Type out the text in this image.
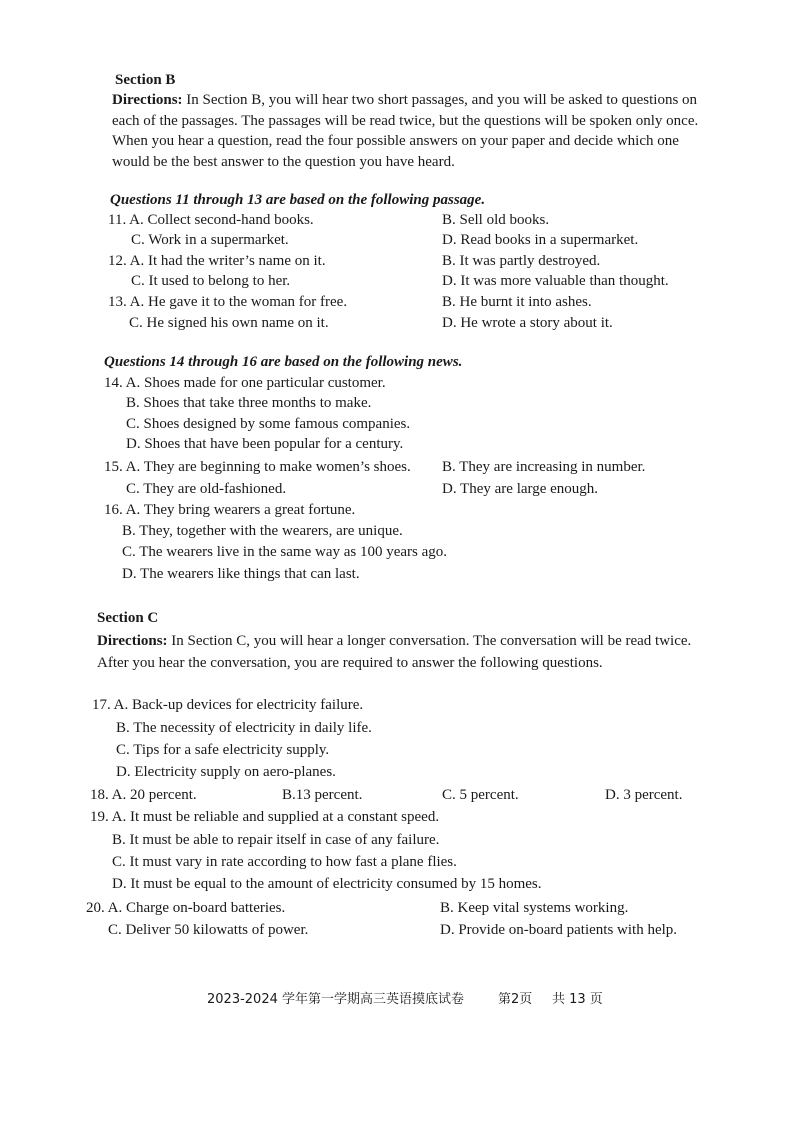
Section B
Directions: In Section B, you will hear two short passages, and you will be asked to questions on
each of the passages. The passages will be read twice, but the questions will be spoken only once.
When you hear a question, read the four possible answers on your paper and decide which one
would be the best answer to the question you have heard.
Questions 11 through 13 are based on the following passage.
11. A. Collect second-hand books.	B. Sell old books.
C. Work in a supermarket.	D. Read books in a supermarket.
12. A. It had the writer’s name on it.	B. It was partly destroyed.
C. It used to belong to her.	D. It was more valuable than thought.
13. A. He gave it to the woman for free.	B. He burnt it into ashes.
C. He signed his own name on it.	D. He wrote a story about it.
Questions 14 through 16 are based on the following news.
14. A. Shoes made for one particular customer.
B. Shoes that take three months to make.
C. Shoes designed by some famous companies.
D. Shoes that have been popular for a century.
15. A. They are beginning to make women’s shoes. B. They are increasing in number.
C. They are old-fashioned.	D. They are large enough.
16. A. They bring wearers a great fortune.
B. They, together with the wearers, are unique.
C. The wearers live in the same way as 100 years ago.
D. The wearers like things that can last.
Section C
Directions: In Section C, you will hear a longer conversation. The conversation will be read twice.
After you hear the conversation, you are required to answer the following questions.
17. A. Back-up devices for electricity failure.
B. The necessity of electricity in daily life.
C. Tips for a safe electricity supply.
D. Electricity supply on aero-planes.
18. A. 20 percent.	B.13 percent.	C. 5 percent.	D. 3 percent.
19. A. It must be reliable and supplied at a constant speed.
B. It must be able to repair itself in case of any failure.
C. It must vary in rate according to how fast a plane flies.
D. It must be equal to the amount of electricity consumed by 15 homes.
20. A. Charge on-board batteries.	B. Keep vital systems working.
C. Deliver 50 kilowatts of power.	D. Provide on-board patients with help.
2023-2024 学年第一学期高三英语摸底试卷	第2页 共 13 页
